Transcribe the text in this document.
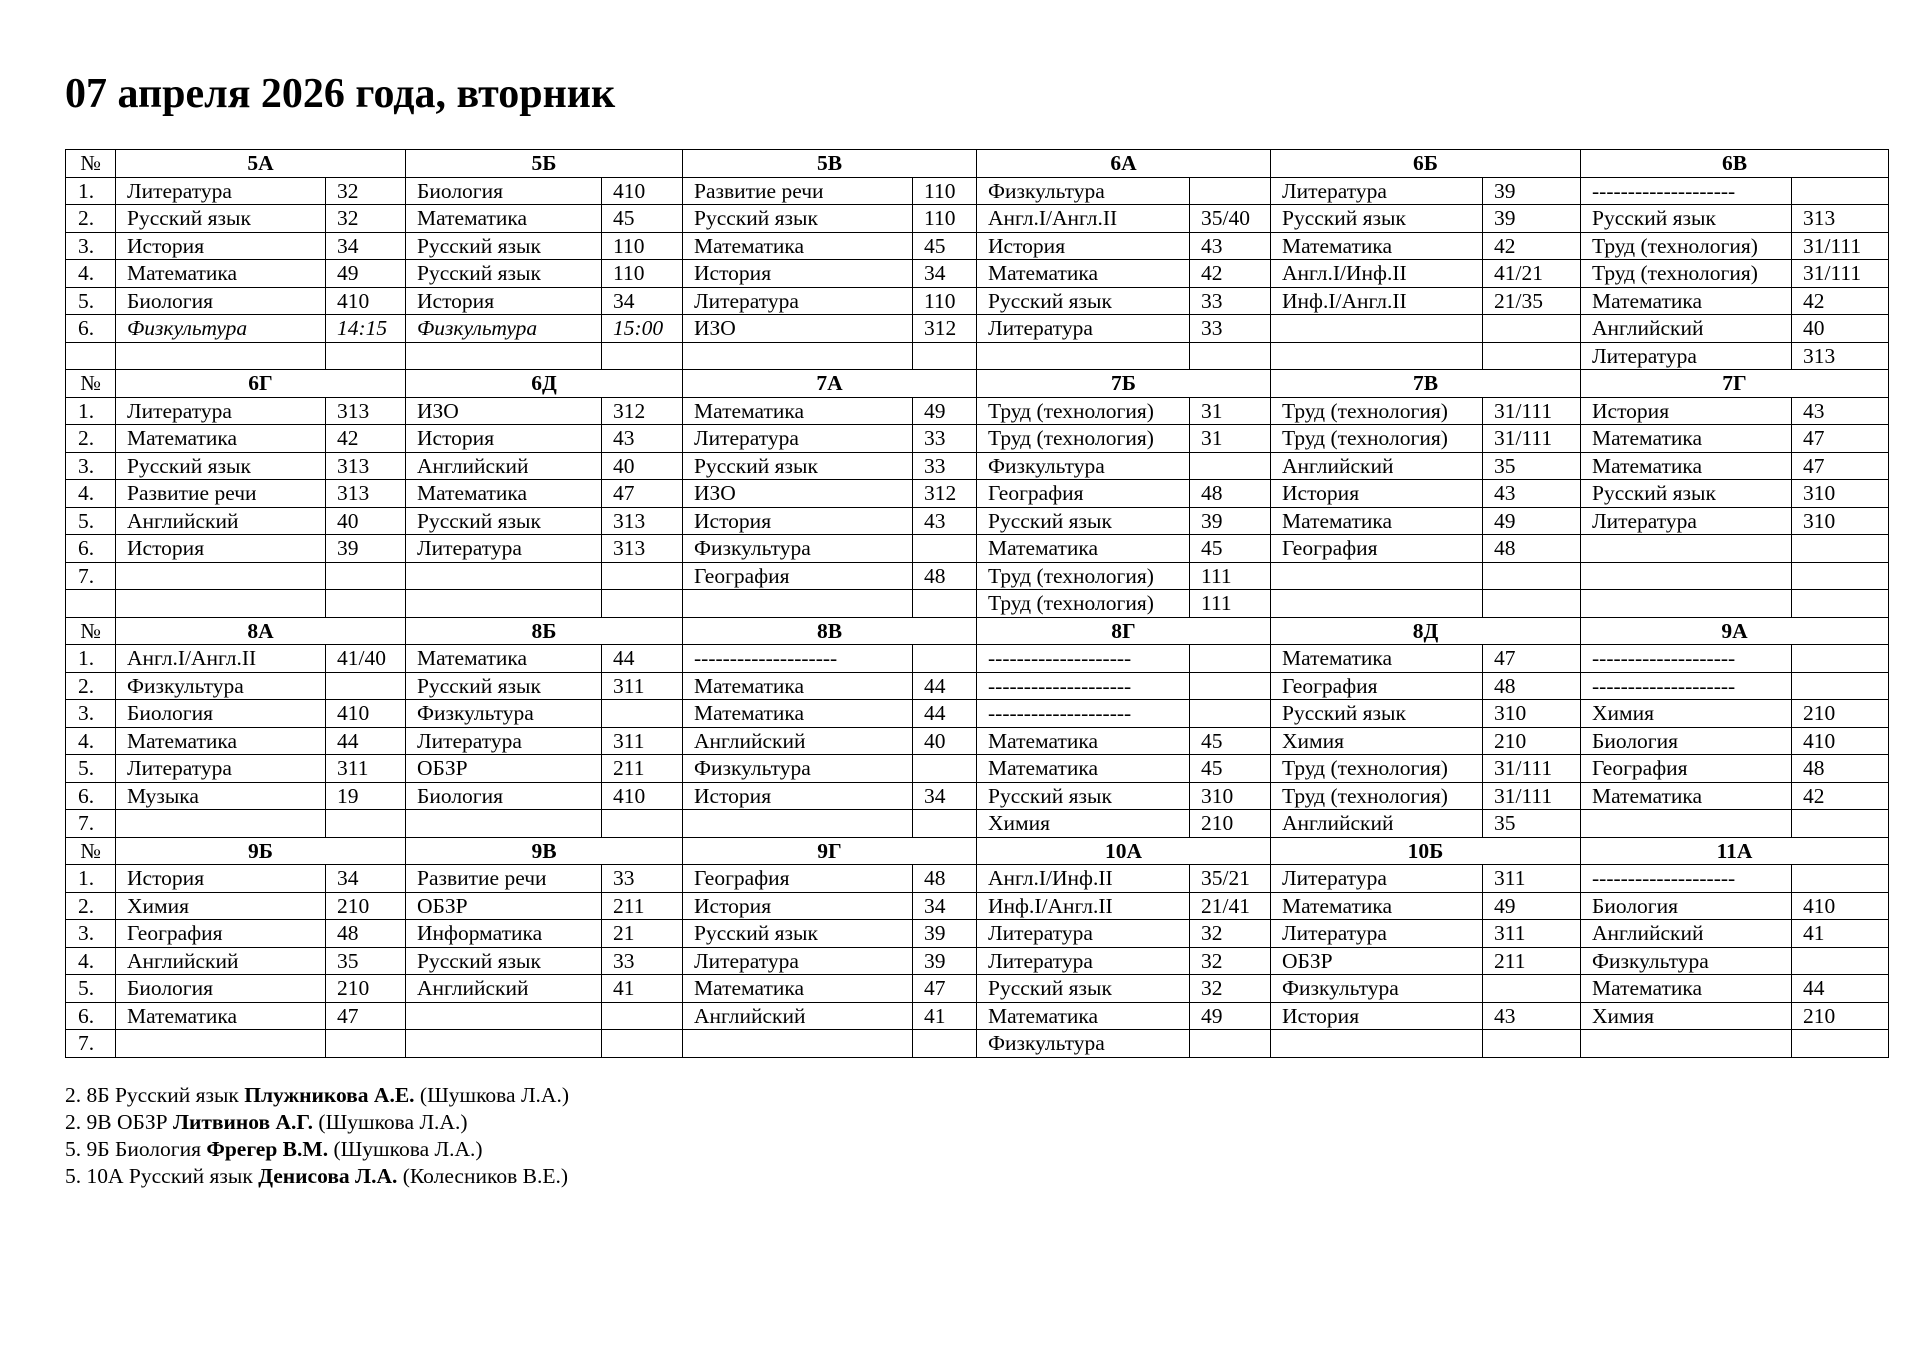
07 апреля 2026 года, вторник
№	5А		5Б		5В		6А		6Б		6В	
1.	Литература	32	Биология	410	Развитие речи	110	Физкультура		Литература	39	--------------------	
2.	Русский язык	32	Математика	45	Русский язык	110	Англ.I/Англ.II	35/40	Русский язык	39	Русский язык	313
3.	История	34	Русский язык	110	Математика	45	История	43	Математика	42	Труд (технология)	31/111
4.	Математика	49	Русский язык	110	История	34	Математика	42	Англ.I/Инф.II	41/21	Труд (технология)	31/111
5.	Биология	410	История	34	Литература	110	Русский язык	33	Инф.I/Англ.II	21/35	Математика	42
6.	Физкультура	14:15	Физкультура	15:00	ИЗО	312	Литература	33			Английский	40
											Литература	313
№	6Г		6Д		7А		7Б		7В		7Г	
1.	Литература	313	ИЗО	312	Математика	49	Труд (технология)	31	Труд (технология)	31/111	История	43
2.	Математика	42	История	43	Литература	33	Труд (технология)	31	Труд (технология)	31/111	Математика	47
3.	Русский язык	313	Английский	40	Русский язык	33	Физкультура		Английский	35	Математика	47
4.	Развитие речи	313	Математика	47	ИЗО	312	География	48	История	43	Русский язык	310
5.	Английский	40	Русский язык	313	История	43	Русский язык	39	Математика	49	Литература	310
6.	История	39	Литература	313	Физкультура		Математика	45	География	48		
7.					География	48	Труд (технология)	111				
							Труд (технология)	111				
№	8А		8Б		8В		8Г		8Д		9А	
1.	Англ.I/Англ.II	41/40	Математика	44	--------------------		--------------------		Математика	47	--------------------	
2.	Физкультура		Русский язык	311	Математика	44	--------------------		География	48	--------------------	
3.	Биология	410	Физкультура		Математика	44	--------------------		Русский язык	310	Химия	210
4.	Математика	44	Литература	311	Английский	40	Математика	45	Химия	210	Биология	410
5.	Литература	311	ОБЗР	211	Физкультура		Математика	45	Труд (технология)	31/111	География	48
6.	Музыка	19	Биология	410	История	34	Русский язык	310	Труд (технология)	31/111	Математика	42
7.							Химия	210	Английский	35		
№	9Б		9В		9Г		10А		10Б		11А	
1.	История	34	Развитие речи	33	География	48	Англ.I/Инф.II	35/21	Литература	311	--------------------	
2.	Химия	210	ОБЗР	211	История	34	Инф.I/Англ.II	21/41	Математика	49	Биология	410
3.	География	48	Информатика	21	Русский язык	39	Литература	32	Литература	311	Английский	41
4.	Английский	35	Русский язык	33	Литература	39	Литература	32	ОБЗР	211	Физкультура	
5.	Биология	210	Английский	41	Математика	47	Русский язык	32	Физкультура		Математика	44
6.	Математика	47			Английский	41	Математика	49	История	43	Химия	210
7.							Физкультура					
2. 8Б Русский язык Плужникова А.Е. (Шушкова Л.А.)
2. 9В ОБЗР Литвинов А.Г. (Шушкова Л.А.)
5. 9Б Биология Фрегер В.М. (Шушкова Л.А.)
5. 10А Русский язык Денисова Л.А. (Колесников В.Е.)
